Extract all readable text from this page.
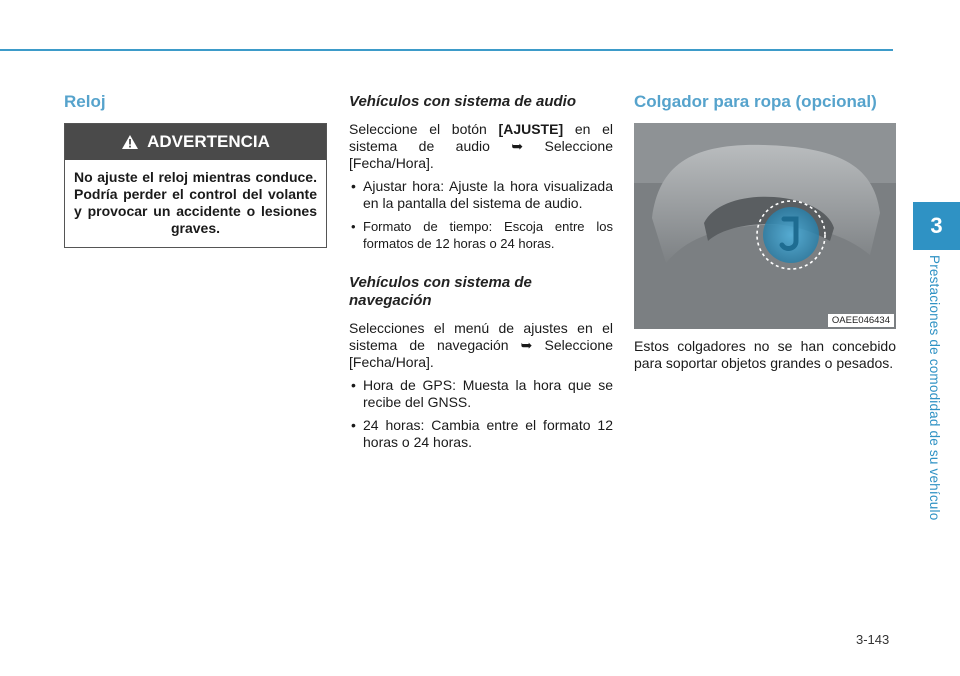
3
Prestaciones de comodidad de su vehículo
Reloj
ADVERTENCIA
No ajuste el reloj mientras conduce. Podría perder el control del volante y provocar un accidente o lesiones graves.
Vehículos con sistema de audio

Seleccione el botón [AJUSTE] en el sistema de audio ➥ Seleccione [Fecha/Hora].

• Ajustar hora: Ajuste la hora visualizada en la pantalla del sistema de audio.
• Formato de tiempo: Escoja entre los formatos de 12 horas o 24 horas.
Vehículos con sistema de navegación

Selecciones el menú de ajustes en el sistema de navegación ➥ Seleccione [Fecha/Hora].

• Hora de GPS: Muesta la hora que se recibe del GNSS.
• 24 horas: Cambia entre el formato 12 horas o 24 horas.
Colgador para ropa (opcional)
OAEE046434

Estos colgadores no se han concebido para soportar objetos grandes o pesados.

3-143
